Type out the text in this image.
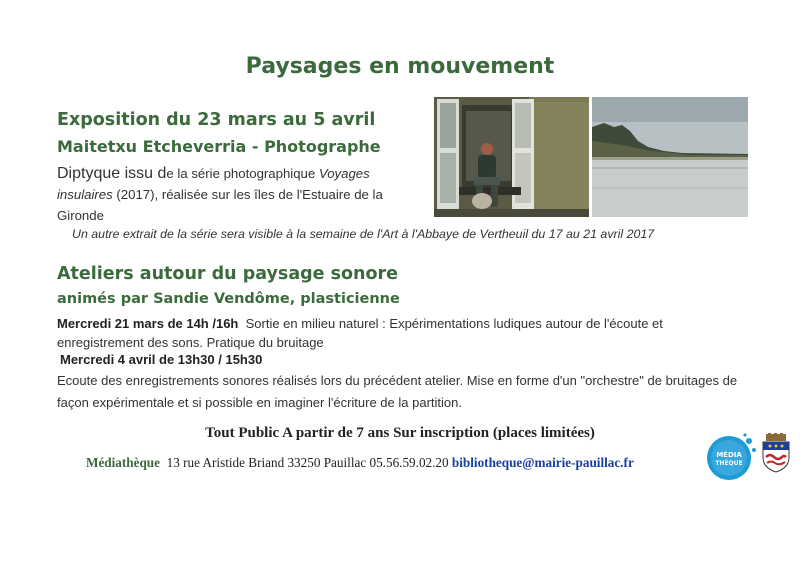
Paysages en mouvement
Exposition du 23 mars au 5 avril
Maitetxu Etcheverria - Photographe
Diptyque issu de la série photographique Voyages insulaires (2017), réalisée sur les îles de l'Estuaire de la Gironde
Un autre extrait de la série sera visible à la semaine de l'Art à l'Abbaye de Vertheuil du 17 au 21 avril 2017
Ateliers autour du paysage sonore
animés par Sandie Vendôme, plasticienne
Mercredi 21 mars de 14h /16h Sortie en milieu naturel : Expérimentations ludiques autour de l'écoute et enregistrement des sons. Pratique du bruitage
Mercredi 4 avril de 13h30 / 15h30
Ecoute des enregistrements sonores réalisés lors du précédent atelier. Mise en forme d'un "orchestre" de bruitages de façon expérimentale et si possible en imaginer l'écriture de la partition.
Tout Public A partir de 7 ans Sur inscription (places limitées)
Médiathèque 13 rue Aristide Briand 33250 Pauillac 05.56.59.02.20 bibliotheque@mairie-pauillac.fr	MÉDIA
THÈQUE
